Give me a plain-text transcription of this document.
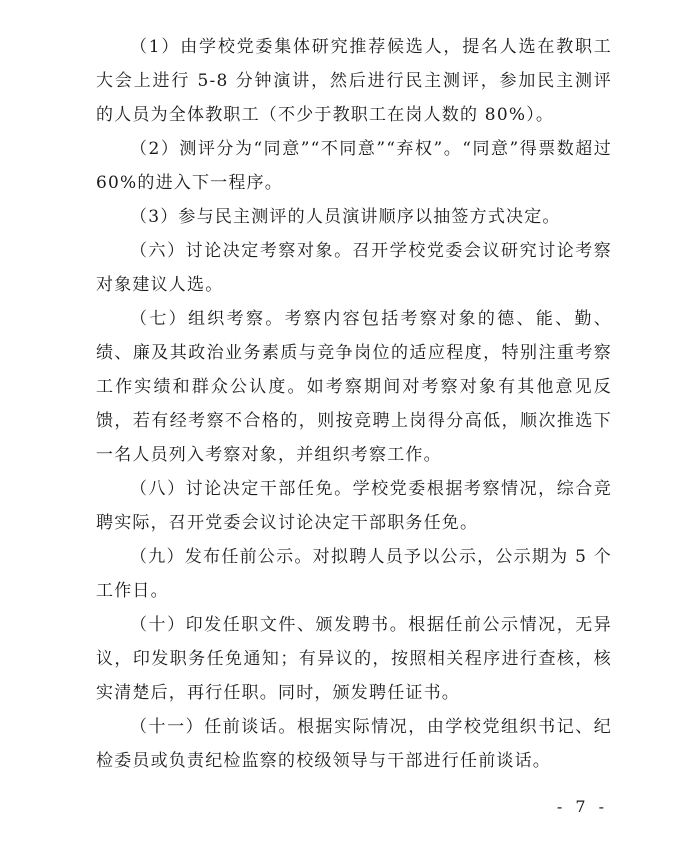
（1）由学校党委集体研究推荐候选人，提名人选在教职工大会上进行 5-8 分钟演讲，然后进行民主测评，参加民主测评的人员为全体教职工（不少于教职工在岗人数的 80%）。

（2）测评分为“同意”“不同意”“弃权”。“同意”得票数超过 60%的进入下一程序。

（3）参与民主测评的人员演讲顺序以抽签方式决定。

（六）讨论决定考察对象。召开学校党委会议研究讨论考察对象建议人选。

（七）组织考察。考察内容包括考察对象的德、能、勤、绩、廉及其政治业务素质与竞争岗位的适应程度，特别注重考察工作实绩和群众公认度。如考察期间对考察对象有其他意见反馈，若有经考察不合格的，则按竞聘上岗得分高低，顺次推选下一名人员列入考察对象，并组织考察工作。

（八）讨论决定干部任免。学校党委根据考察情况，综合竞聘实际，召开党委会议讨论决定干部职务任免。

（九）发布任前公示。对拟聘人员予以公示，公示期为 5 个工作日。

（十）印发任职文件、颁发聘书。根据任前公示情况，无异议，印发职务任免通知；有异议的，按照相关程序进行查核，核实清楚后，再行任职。同时，颁发聘任证书。

（十一）任前谈话。根据实际情况，由学校党组织书记、纪检委员或负责纪检监察的校级领导与干部进行任前谈话。

- 7 -
